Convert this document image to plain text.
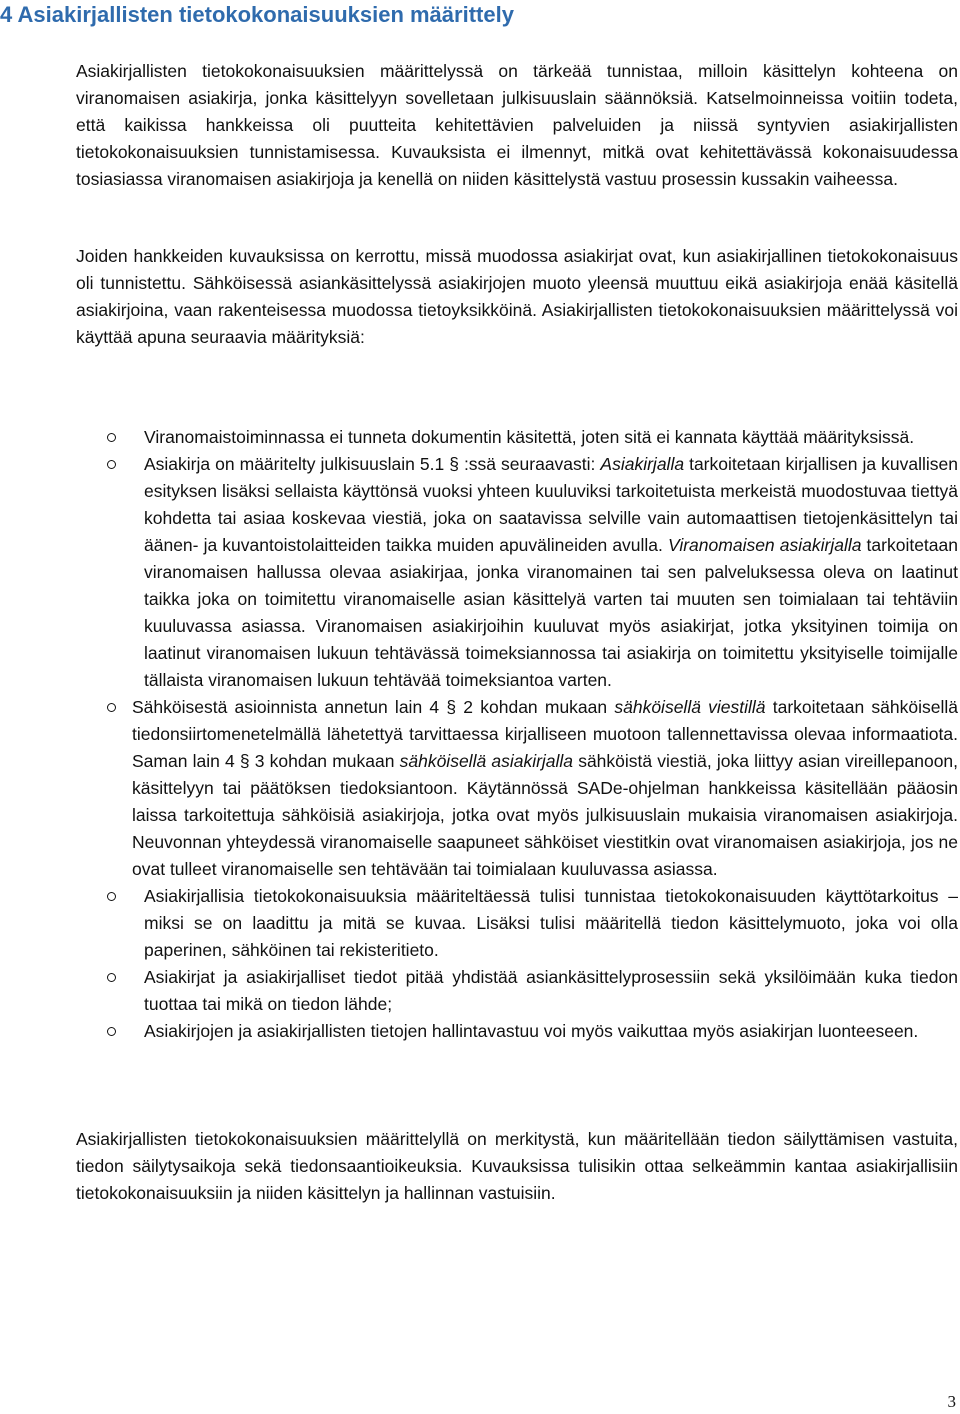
4 Asiakirjallisten tietokokonaisuuksien määrittely

Asiakirjallisten tietokokonaisuuksien määrittelyssä on tärkeää tunnistaa, milloin käsittelyn kohteena on viranomaisen asiakirja, jonka käsittelyyn sovelletaan julkisuuslain säännöksiä. Katselmoinneissa voitiin todeta, että kaikissa hankkeissa oli puutteita kehitettävien palveluiden ja niissä syntyvien asiakirjallisten tietokokonaisuuksien tunnistamisessa. Kuvauksista ei ilmennyt, mitkä ovat kehitettävässä kokonaisuudessa tosiasiassa viranomaisen asiakirjoja ja kenellä on niiden käsittelystä vastuu prosessin kussakin vaiheessa.

Joiden hankkeiden kuvauksissa on kerrottu, missä muodossa asiakirjat ovat, kun asiakirjallinen tietokokonaisuus oli tunnistettu. Sähköisessä asiankäsittelyssä asiakirjojen muoto yleensä muuttuu eikä asiakirjoja enää käsitellä asiakirjoina, vaan rakenteisessa muodossa tietoyksikköinä. Asiakirjallisten tietokokonaisuuksien määrittelyssä voi käyttää apuna seuraavia määrityksiä:

Viranomaistoiminnassa ei tunneta dokumentin käsitettä, joten sitä ei kannata käyttää määrityksissä.
Asiakirja on määritelty julkisuuslain 5.1 § :ssä seuraavasti: Asiakirjalla tarkoitetaan kirjallisen ja kuvallisen esityksen lisäksi sellaista käyttönsä vuoksi yhteen kuuluviksi tarkoitetuista merkeistä muodostuvaa tiettyä kohdetta tai asiaa koskevaa viestiä, joka on saatavissa selville vain automaattisen tietojenkäsittelyn tai äänen- ja kuvantoistolaitteiden taikka muiden apuvälineiden avulla. Viranomaisen asiakirjalla tarkoitetaan viranomaisen hallussa olevaa asiakirjaa, jonka viranomainen tai sen palveluksessa oleva on laatinut taikka joka on toimitettu viranomaiselle asian käsittelyä varten tai muuten sen toimialaan tai tehtäviin kuuluvassa asiassa. Viranomaisen asiakirjoihin kuuluvat myös asiakirjat, jotka yksityinen toimija on laatinut viranomaisen lukuun tehtävässä toimeksiannossa tai asiakirja on toimitettu yksityiselle toimijalle tällaista viranomaisen lukuun tehtävää toimeksiantoa varten.
Sähköisestä asioinnista annetun lain 4 § 2 kohdan mukaan sähköisellä viestillä tarkoitetaan sähköisellä tiedonsiirtomenetelmällä lähetettyä tarvittaessa kirjalliseen muotoon tallennettavissa olevaa informaatiota. Saman lain 4 § 3 kohdan mukaan sähköisellä asiakirjalla sähköistä viestiä, joka liittyy asian vireillepanoon, käsittelyyn tai päätöksen tiedoksiantoon. Käytännössä SADe-ohjelman hankkeissa käsitellään pääosin laissa tarkoitettuja sähköisiä asiakirjoja, jotka ovat myös julkisuuslain mukaisia viranomaisen asiakirjoja. Neuvonnan yhteydessä viranomaiselle saapuneet sähköiset viestitkin ovat viranomaisen asiakirjoja, jos ne ovat tulleet viranomaiselle sen tehtävään tai toimialaan kuuluvassa asiassa.
Asiakirjallisia tietokokonaisuuksia määriteltäessä tulisi tunnistaa tietokokonaisuuden käyttötarkoitus – miksi se on laadittu ja mitä se kuvaa. Lisäksi tulisi määritellä tiedon käsittelymuoto, joka voi olla paperinen, sähköinen tai rekisteritieto.
Asiakirjat ja asiakirjalliset tiedot pitää yhdistää asiankäsittelyprosessiin sekä yksilöimään kuka tiedon tuottaa tai mikä on tiedon lähde;
Asiakirjojen ja asiakirjallisten tietojen hallintavastuu voi myös vaikuttaa myös asiakirjan luonteeseen.

Asiakirjallisten tietokokonaisuuksien määrittelyllä on merkitystä, kun määritellään tiedon säilyttämisen vastuita, tiedon säilytysaikoja sekä tiedonsaantioikeuksia. Kuvauksissa tulisikin ottaa selkeämmin kantaa asiakirjallisiin tietokokonaisuuksiin ja niiden käsittelyn ja hallinnan vastuisiin.

3
